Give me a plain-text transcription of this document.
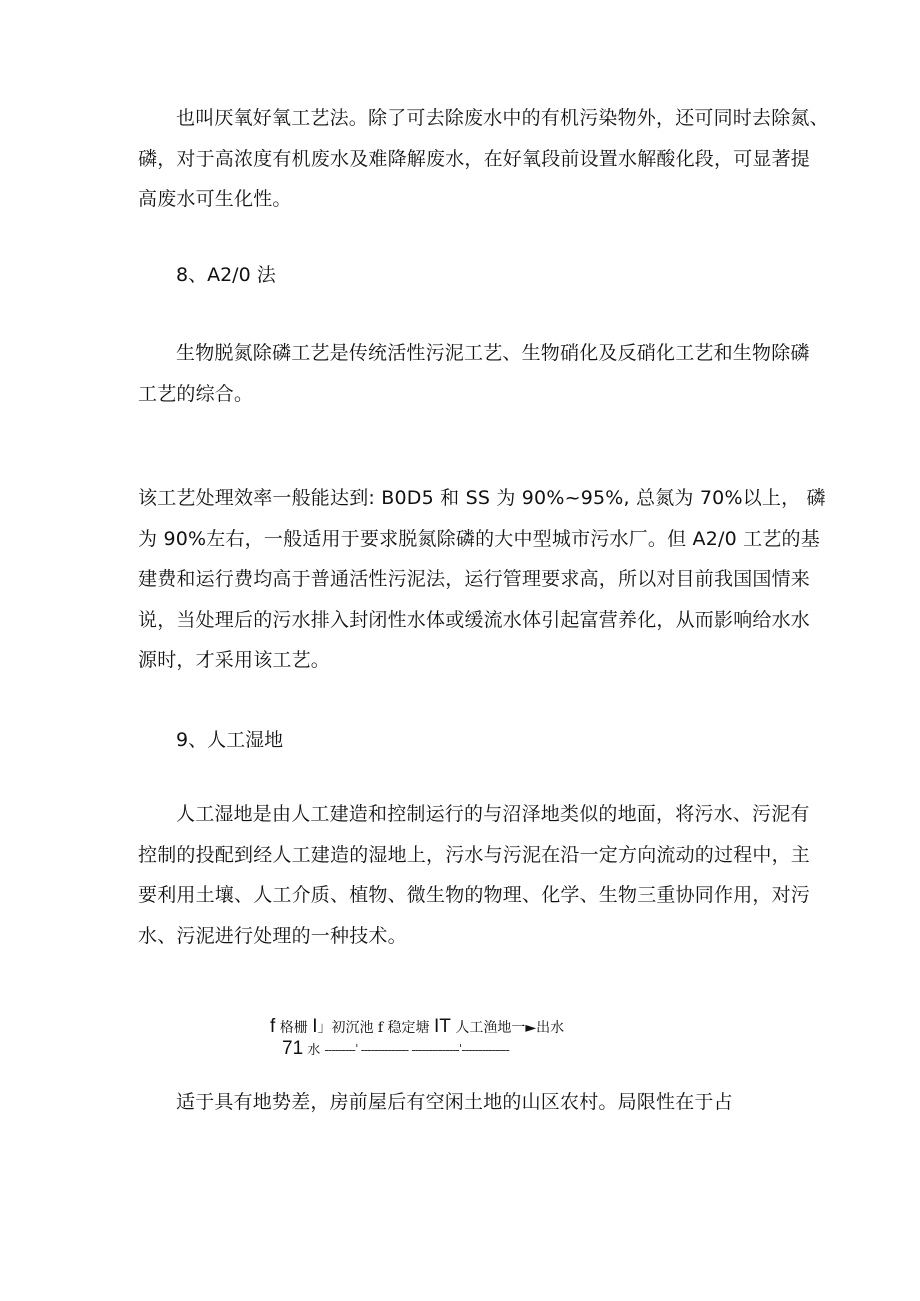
也叫厌氧好氧工艺法。除了可去除废水中的有机污染物外，还可同时去除氮、
磷，对于高浓度有机废水及难降解废水，在好氧段前设置水解酸化段，可显著提
高废水可生化性。

8、A2/0 法

生物脱氮除磷工艺是传统活性污泥工艺、生物硝化及反硝化工艺和生物除磷
工艺的综合。

该工艺处理效率一般能达到: B0D5 和 SS 为 90%~95%, 总氮为 70%以上， 磷
为 90%左右，一般适用于要求脱氮除磷的大中型城市污水厂。但 A2/0 工艺的基
建费和运行费均高于普通活性污泥法，运行管理要求高，所以对目前我国国情来
说，当处理后的污水排入封闭性水体或缓流水体引起富营养化，从而影响给水水
源时，才采用该工艺。

9、人工湿地

人工湿地是由人工建造和控制运行的与沼泽地类似的地面，将污水、污泥有
控制的投配到经人工建造的湿地上，污水与污泥在沿一定方向流动的过程中，主
要利用土壤、人工介质、植物、微生物的物理、化学、生物三重协同作用，对污
水、污泥进行处理的一种技术。

f 格栅 I」初沉池 f 稳定塘 IT 人工渔地一►出水
71 水 ---------ˈ -------------- --------------ˈ--------------

适于具有地势差，房前屋后有空闲土地的山区农村。局限性在于占
